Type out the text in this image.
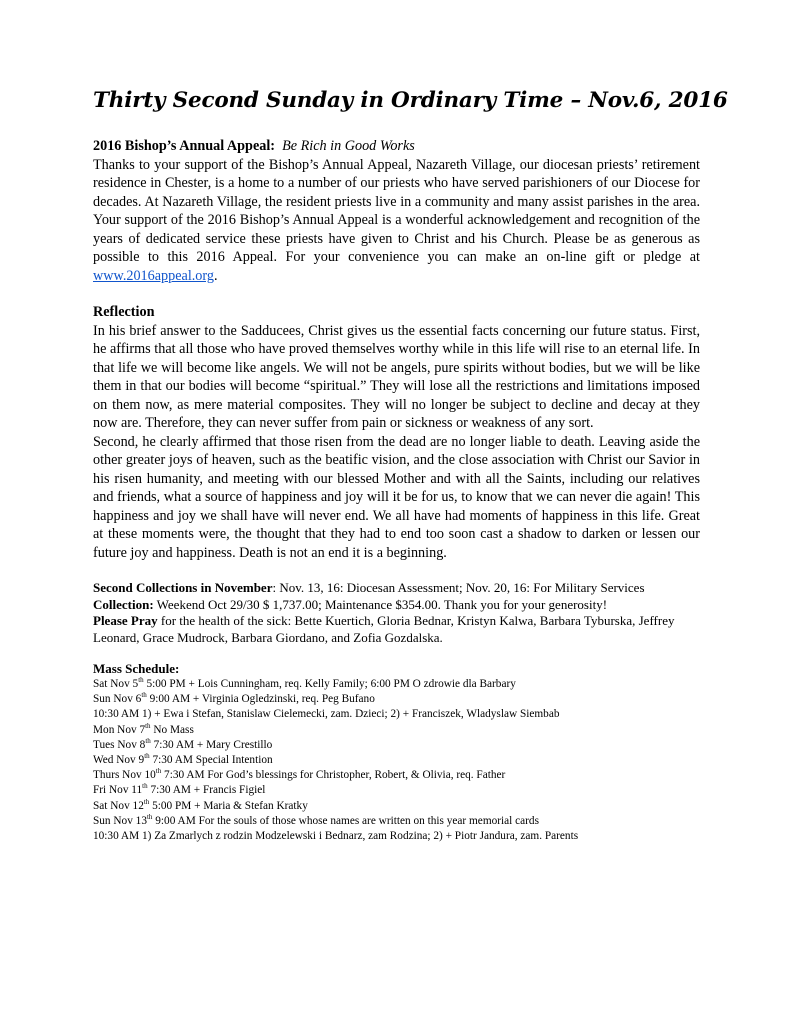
Thirty Second Sunday in Ordinary Time – Nov.6, 2016

2016 Bishop’s Annual Appeal: Be Rich in Good Works

Thanks to your support of the Bishop’s Annual Appeal, Nazareth Village, our diocesan priests’ retirement residence in Chester, is a home to a number of our priests who have served parishioners of our Diocese for decades. At Nazareth Village, the resident priests live in a community and many assist parishes in the area. Your support of the 2016 Bishop’s Annual Appeal is a wonderful acknowledgement and recognition of the years of dedicated service these priests have given to Christ and his Church. Please be as generous as possible to this 2016 Appeal. For your convenience you can make an on-line gift or pledge at www.2016appeal.org.

Reflection

In his brief answer to the Sadducees, Christ gives us the essential facts concerning our future status. First, he affirms that all those who have proved themselves worthy while in this life will rise to an eternal life. In that life we will become like angels. We will not be angels, pure spirits without bodies, but we will be like them in that our bodies will become “spiritual.” They will lose all the restrictions and limitations imposed on them now, as mere material composites. They will no longer be subject to decline and decay at they now are. Therefore, they can never suffer from pain or sickness or weakness of any sort.

Second, he clearly affirmed that those risen from the dead are no longer liable to death. Leaving aside the other greater joys of heaven, such as the beatific vision, and the close association with Christ our Savior in his risen humanity, and meeting with our blessed Mother and with all the Saints, including our relatives and friends, what a source of happiness and joy will it be for us, to know that we can never die again! This happiness and joy we shall have will never end. We all have had moments of happiness in this life. Great at these moments were, the thought that they had to end too soon cast a shadow to darken or lessen our future joy and happiness. Death is not an end it is a beginning.

Second Collections in November: Nov. 13, 16: Diocesan Assessment; Nov. 20, 16: For Military Services

Collection: Weekend Oct 29/30 $ 1,737.00; Maintenance $354.00. Thank you for your generosity!

Please Pray for the health of the sick: Bette Kuertich, Gloria Bednar, Kristyn Kalwa, Barbara Tyburska, Jeffrey Leonard, Grace Mudrock, Barbara Giordano, and Zofia Gozdalska.

Mass Schedule:

Sat Nov 5th 5:00 PM + Lois Cunningham, req. Kelly Family; 6:00 PM O zdrowie dla Barbary

Sun Nov 6th 9:00 AM + Virginia Ogledzinski, req. Peg Bufano

10:30 AM 1) + Ewa i Stefan, Stanislaw Cielemecki, zam. Dzieci; 2) + Franciszek, Wladyslaw Siembab

Mon Nov 7th No Mass

Tues Nov 8th 7:30 AM + Mary Crestillo

Wed Nov 9th 7:30 AM Special Intention

Thurs Nov 10th 7:30 AM For God’s blessings for Christopher, Robert, & Olivia, req. Father

Fri Nov 11th 7:30 AM + Francis Figiel

Sat Nov 12th 5:00 PM + Maria & Stefan Kratky

Sun Nov 13th 9:00 AM For the souls of those whose names are written on this year memorial cards

10:30 AM 1) Za Zmarlych z rodzin Modzelewski i Bednarz, zam Rodzina; 2) + Piotr Jandura, zam. Parents
